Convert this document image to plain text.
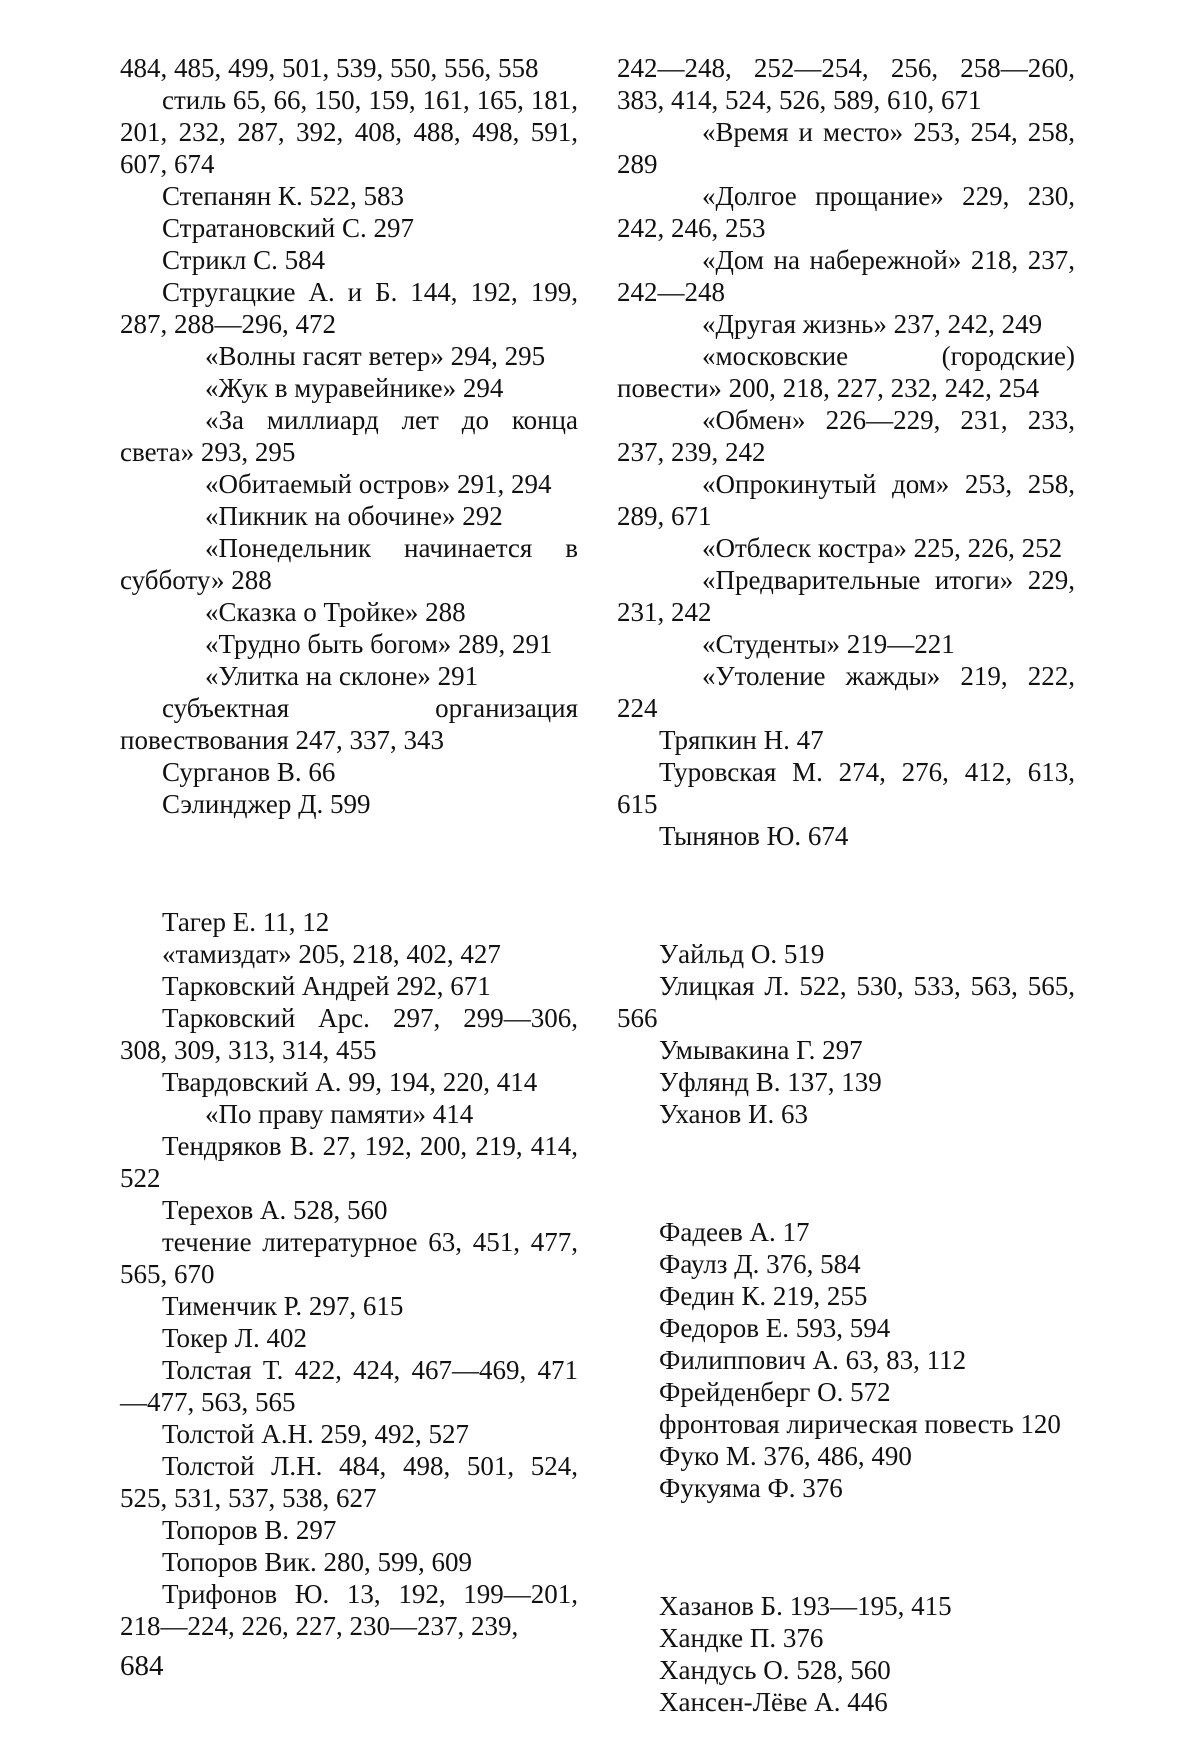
484, 485, 499, 501, 539, 550, 556, 558

стиль 65, 66, 150, 159, 161, 165, 181, 201, 232, 287, 392, 408, 488, 498, 591, 607, 674

Степанян К. 522, 583

Стратановский С. 297

Стрикл С. 584

Стругацкие А. и Б. 144, 192, 199, 287, 288—296, 472

«Волны гасят ветер» 294, 295

«Жук в муравейнике» 294

«За миллиард лет до конца света» 293, 295

«Обитаемый остров» 291, 294

«Пикник на обочине» 292

«Понедельник начинается в субботу» 288

«Сказка о Тройке» 288

«Трудно быть богом» 289, 291

«Улитка на склоне» 291

субъектная организация повествования 247, 337, 343

Сурганов В. 66

Сэлинджер Д. 599

Тагер Е. 11, 12

«тамиздат» 205, 218, 402, 427

Тарковский Андрей 292, 671

Тарковский Арс. 297, 299—306, 308, 309, 313, 314, 455

Твардовский А. 99, 194, 220, 414

«По праву памяти» 414

Тендряков В. 27, 192, 200, 219, 414, 522

Терехов А. 528, 560

течение литературное 63, 451, 477, 565, 670

Тименчик Р. 297, 615

Токер Л. 402

Толстая Т. 422, 424, 467—469, 471—477, 563, 565

Толстой А.Н. 259, 492, 527

Толстой Л.Н. 484, 498, 501, 524, 525, 531, 537, 538, 627

Топоров В. 297

Топоров Вик. 280, 599, 609

Трифонов Ю. 13, 192, 199—201, 218—224, 226, 227, 230—237, 239,

242—248, 252—254, 256, 258—260, 383, 414, 524, 526, 589, 610, 671

«Время и место» 253, 254, 258, 289

«Долгое прощание» 229, 230, 242, 246, 253

«Дом на набережной» 218, 237, 242—248

«Другая жизнь» 237, 242, 249

«московские (городские) повести» 200, 218, 227, 232, 242, 254

«Обмен» 226—229, 231, 233, 237, 239, 242

«Опрокинутый дом» 253, 258, 289, 671

«Отблеск костра» 225, 226, 252

«Предварительные итоги» 229, 231, 242

«Студенты» 219—221

«Утоление жажды» 219, 222, 224

Тряпкин Н. 47

Туровская М. 274, 276, 412, 613, 615

Тынянов Ю. 674

Уайльд О. 519

Улицкая Л. 522, 530, 533, 563, 565, 566

Умывакина Г. 297

Уфлянд В. 137, 139

Уханов И. 63

Фадеев А. 17

Фаулз Д. 376, 584

Федин К. 219, 255

Федоров Е. 593, 594

Филиппович А. 63, 83, 112

Фрейденберг О. 572

фронтовая лирическая повесть 120

Фуко М. 376, 486, 490

Фукуяма Ф. 376

Хазанов Б. 193—195, 415

Хандке П. 376

Хандусь О. 528, 560

Хансен-Лёве А. 446

684
